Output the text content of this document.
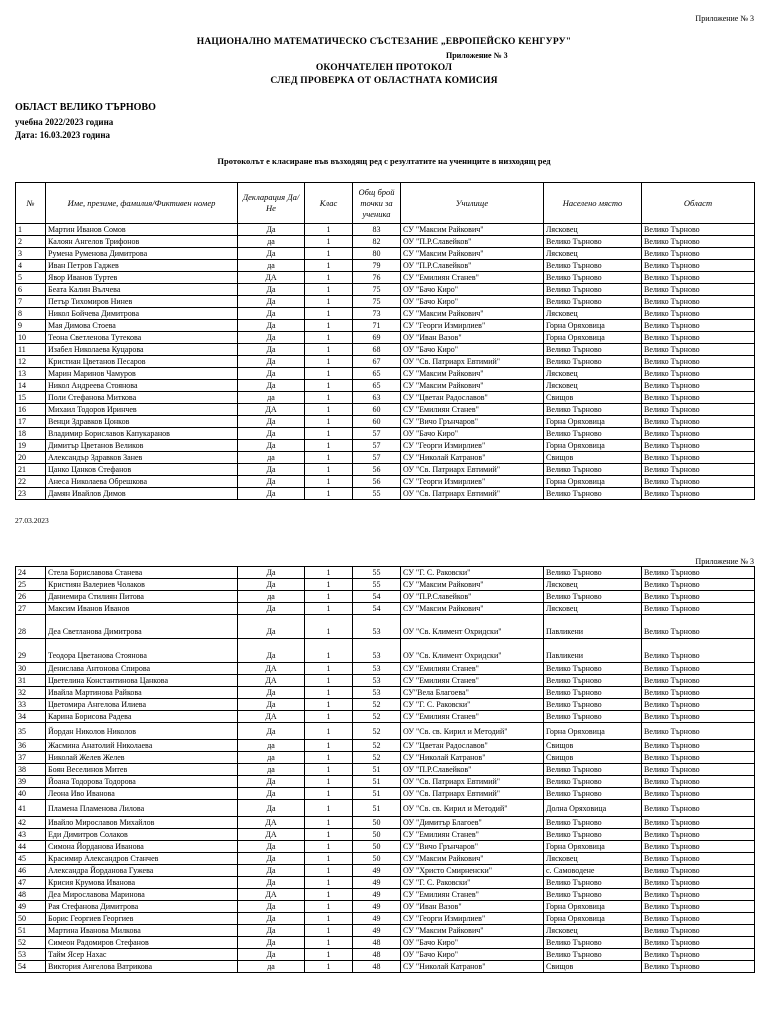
Приложение № 3
НАЦИОНАЛНО МАТЕМАТИЧЕСКО СЪСТЕЗАНИЕ „ЕВРОПЕЙСКО КЕНГУРУ"
Приложение № 3
ОКОНЧАТЕЛЕН ПРОТОКОЛ
СЛЕД ПРОВЕРКА ОТ ОБЛАСТНАТА КОМИСИЯ
ОБЛАСТ ВЕЛИКО ТЪРНОВО
учебна 2022/2023 година
Дата: 16.03.2023 година
Протоколът е класиране във възходящ ред с резултатите на учениците в низходящ ред
№	Име, презиме, фамилия/Фиктивен номер	Декларация Да/Не	Клас	Общ брой точки за ученика	Училище	Населено място	Област
1	Мартин Иванов Сомов	Да	1	83	СУ "Максим Райкович"	Лясковец	Велико Търново
2	Калоян Ангелов Трифонов	да	1	82	ОУ "П.Р.Славейков"	Велико Търново	Велико Търново
3	Румена Руменова Димитрова	Да	1	80	СУ "Максим Райкович"	Лясковец	Велико Търново
4	Иван Петров Гаджев	да	1	79	ОУ "П.Р.Славейков"	Велико Търново	Велико Търново
5	Явор Иванов Туртев	ДА	1	76	СУ "Емилиян Станев"	Велико Търново	Велико Търново
6	Беата Калин Вълчева	Да	1	75	ОУ "Бачо Киро"	Велико Търново	Велико Търново
7	Петър Тихомиров Нинев	Да	1	75	ОУ "Бачо Киро"	Велико Търново	Велико Търново
8	Никол Бойчева Димитрова	Да	1	73	СУ "Максим Райкович"	Лясковец	Велико Търново
9	Мая Димова Стоева	Да	1	71	СУ "Георги Измирлиев"	Горна Оряховица	Велико Търново
10	Теона Светленова Тутекова	Да	1	69	ОУ "Иван Вазов"	Горна Оряховица	Велико Търново
11	Изабел Николаева Куцарова	Да	1	68	ОУ "Бачо Киро"	Велико Търново	Велико Търново
12	Кристиан Цветанов Песаров	Да	1	67	ОУ "Св. Патриарх Евтимий"	Велико Търново	Велико Търново
13	Марин Маринов Чамуров	Да	1	65	СУ "Максим Райкович"	Лясковец	Велико Търново
14	Никол Андреева Стоянова	Да	1	65	СУ "Максим Райкович"	Лясковец	Велико Търново
15	Поли Стефанова Миткова	да	1	63	СУ "Цветан Радославов"	Свищов	Велико Търново
16	Михаил Тодоров Иринчев	ДА	1	60	СУ "Емилиян Станев"	Велико Търново	Велико Търново
17	Венци Здравков Цонков	Да	1	60	СУ "Вичо Грънчаров"	Горна Оряховица	Велико Търново
18	Владимир Бориславов Капукаранов	Да	1	57	ОУ "Бачо Киро"	Велико Търново	Велико Търново
19	Димитър Цветанов Великов	Да	1	57	СУ "Георги Измирлиев"	Горна Оряховица	Велико Търново
20	Александър Здравков Занев	да	1	57	СУ "Николай Катранов"	Свищов	Велико Търново
21	Цанко Цанков Стефанов	Да	1	56	ОУ "Св. Патриарх Евтимий"	Велико Търново	Велико Търново
22	Анеса Николаева Обрешкова	Да	1	56	СУ "Георги Измирлиев"	Горна Оряховица	Велико Търново
23	Дамян Ивайлов Димов	Да	1	55	ОУ "Св. Патриарх Евтимий"	Велико Търново	Велико Търново
27.03.2023
Приложение № 3
24	Стела Бориславова Станева	Да	1	55	СУ "Г. С. Раковски"	Велико Търново	Велико Търново
25	Кристиян Валериев Чолаков	Да	1	55	СУ "Максим Райкович"	Лясковец	Велико Търново
26	Даниемира Стилиян Питова	да	1	54	ОУ "П.Р.Славейков"	Велико Търново	Велико Търново
27	Максим Иванов Иванов	Да	1	54	СУ "Максим Райкович"	Лясковец	Велико Търново
28	Деа Светланова Димитрова	Да	1	53	ОУ "Св. Климент Охридски"	Павликени	Велико Търново
29	Теодора Цветанова Стоянова	Да	1	53	ОУ "Св. Климент Охридски"	Павликени	Велико Търново
30	Денислава Антонова Спирова	ДА	1	53	СУ "Емилиян Станев"	Велико Търново	Велико Търново
31	Цветелина Константинова Цанкова	ДА	1	53	СУ "Емилиян Станев"	Велико Търново	Велико Търново
32	Ивайла Мартинова Райкова	Да	1	53	СУ"Вела Благоева"	Велико Търново	Велико Търново
33	Цветомира Ангелова Илиева	Да	1	52	СУ "Г. С. Раковски"	Велико Търново	Велико Търново
34	Карина Борисова Радева	ДА	1	52	СУ "Емилиян Станев"	Велико Търново	Велико Търново
35	Йордан Николов Николов	Да	1	52	ОУ "Св. св. Кирил и Методий"	Горна Оряховица	Велико Търново
36	Жасмина Анатолий Николаева	да	1	52	СУ "Цветан Радославов"	Свищов	Велико Търново
37	Николай Желев Желев	да	1	52	СУ "Николай Катранов"	Свищов	Велико Търново
38	Боян Веселинов Митев	да	1	51	ОУ "П.Р.Славейков"	Велико Търново	Велико Търново
39	Йоана Тодорова Тодорова	Да	1	51	ОУ "Св. Патриарх Евтимий"	Велико Търново	Велико Търново
40	Леона Иво Иванова	Да	1	51	ОУ "Св. Патриарх Евтимий"	Велико Търново	Велико Търново
41	Пламена Пламенова Лилова	Да	1	51	ОУ "Св. св. Кирил и Методий"	Долна Оряховица	Велико Търново
42	Ивайло Мирославов Михайлов	ДА	1	50	ОУ "Димитър Благоев"	Велико Търново	Велико Търново
43	Еди Димитров Солаков	ДА	1	50	СУ "Емилиян Станев"	Велико Търново	Велико Търново
44	Симона Йорданова Иванова	Да	1	50	СУ "Вичо Грънчаров"	Горна Оряховица	Велико Търново
45	Красимир Александров Станчев	Да	1	50	СУ "Максим Райкович"	Лясковец	Велико Търново
46	Александра Йорданова Гужева	Да	1	49	ОУ "Христо Смирненски"	с. Самоводене	Велико Търново
47	Крисия Крумова Иванова	Да	1	49	СУ "Г. С. Раковски"	Велико Търново	Велико Търново
48	Деа Мирославова Маринова	ДА	1	49	СУ "Емилиян Станев"	Велико Търново	Велико Търново
49	Рая Стефанова Димитрова	Да	1	49	ОУ "Иван Вазов"	Горна Оряховица	Велико Търново
50	Борис Георгиев Георгиев	Да	1	49	СУ "Георги Измирлиев"	Горна Оряховица	Велико Търново
51	Мартина Иванова Милкова	Да	1	49	СУ "Максим Райкович"	Лясковец	Велико Търново
52	Симеон Радомиров Стефанов	Да	1	48	ОУ "Бачо Киро"	Велико Търново	Велико Търново
53	Тайм Ясер Нахас	Да	1	48	ОУ "Бачо Киро"	Велико Търново	Велико Търново
54	Виктория Ангелова Ватрикова	да	1	48	СУ "Николай Катранов"	Свищов	Велико Търново
